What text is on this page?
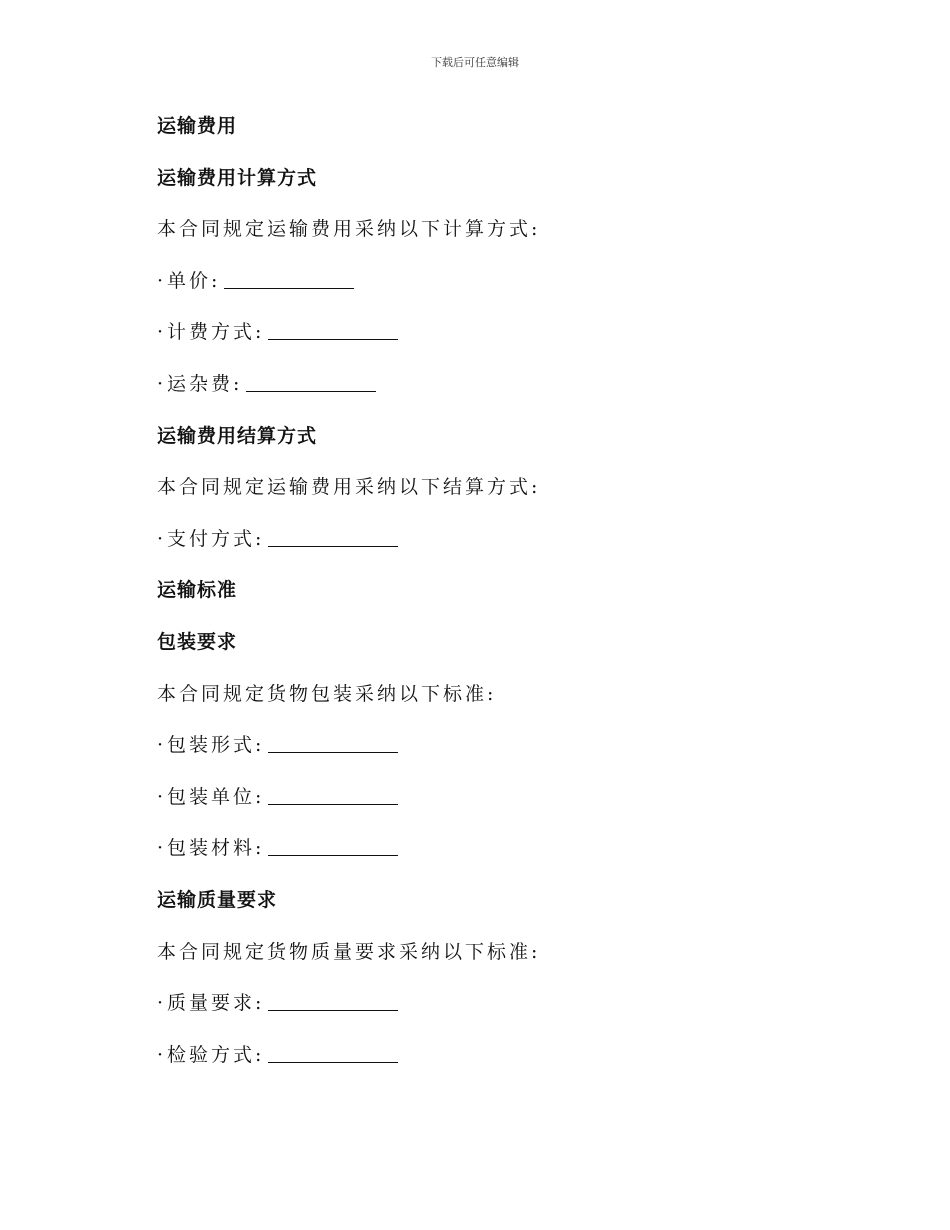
下载后可任意编辑
运输费用
运输费用计算方式
本合同规定运输费用采纳以下计算方式:
· 单价:
· 计费方式:
· 运杂费:
运输费用结算方式
本合同规定运输费用采纳以下结算方式:
· 支付方式:
运输标准
包装要求
本合同规定货物包装采纳以下标准:
· 包装形式:
· 包装单位:
· 包装材料:
运输质量要求
本合同规定货物质量要求采纳以下标准:
· 质量要求:
· 检验方式:
